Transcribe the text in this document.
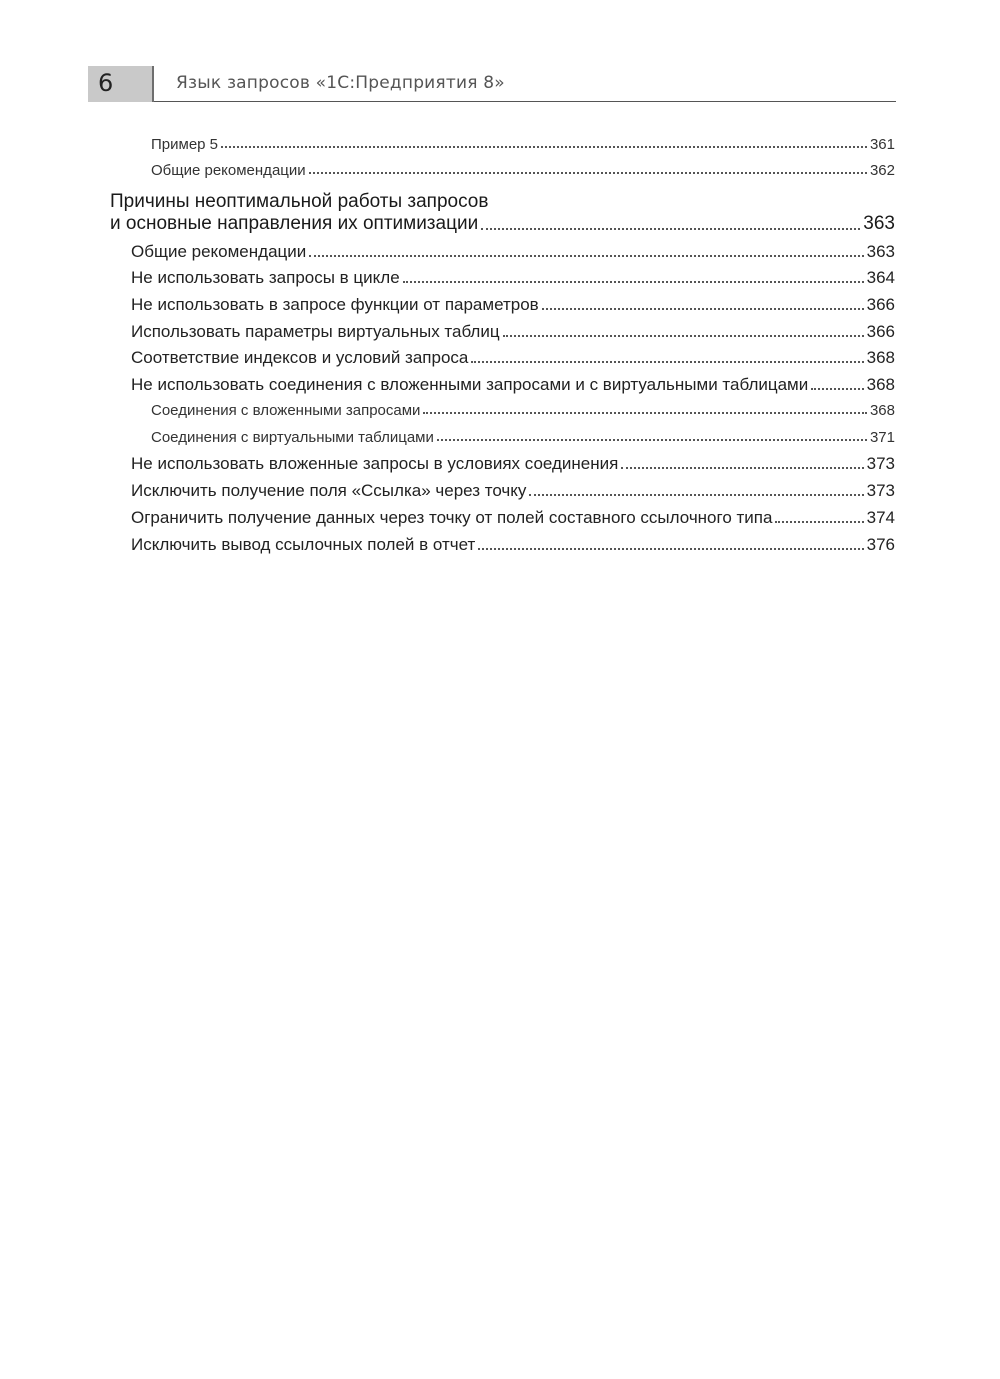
6	Язык запросов «1С:Предприятия 8»
Пример 5	361
Общие рекомендации	362
Причины неоптимальной работы запросов
и основные направления их оптимизации	363
Общие рекомендации	363
Не использовать запросы в цикле	364
Не использовать в запросе функции от параметров	366
Использовать параметры виртуальных таблиц	366
Соответствие индексов и условий запроса	368
Не использовать соединения с вложенными запросами и с виртуальными таблицами	368
Соединения с вложенными запросами	368
Соединения с виртуальными таблицами	371
Не использовать вложенные запросы в условиях соединения	373
Исключить получение поля «Ссылка» через точку	373
Ограничить получение данных через точку от полей составного ссылочного типа	374
Исключить вывод ссылочных полей в отчет	376
